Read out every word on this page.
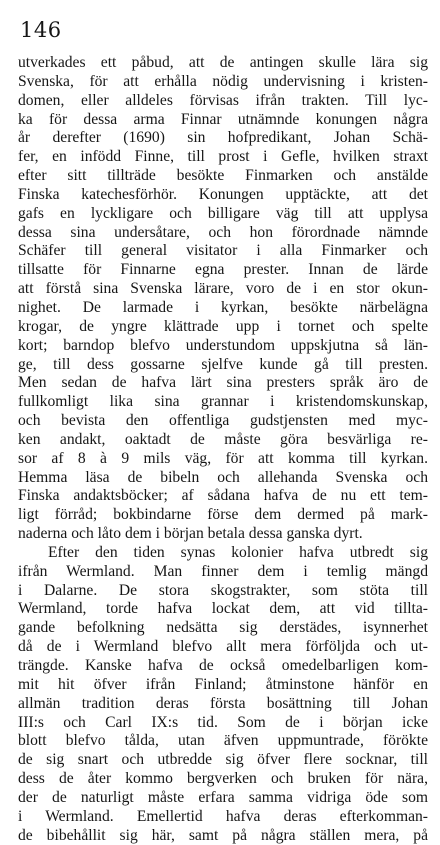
146
utverkades ett påbud, att de antingen skulle lära sig
Svenska, för att erhålla nödig undervisning i kristen-
domen, eller alldeles förvisas ifrån trakten. Till lyc-
ka för dessa arma Finnar utnämnde konungen några
år derefter (1690) sin hofpredikant, Johan Schä-
fer, en infödd Finne, till prost i Gefle, hvilken straxt
efter sitt tillträde besökte Finmarken och anstälde
Finska katechesförhör. Konungen upptäckte, att det
gafs en lyckligare och billigare väg till att upplysa
dessa sina undersåtare, och hon förordnade nämnde
Schäfer till general visitator i alla Finmarker och
tillsatte för Finnarne egna prester. Innan de lärde
att förstå sina Svenska lärare, voro de i en stor okun-
nighet. De larmade i kyrkan, besökte närbelägna
krogar, de yngre klättrade upp i tornet och spelte
kort; barndop blefvo understundom uppskjutna så län-
ge, till dess gossarne sjelfve kunde gå till presten.
Men sedan de hafva lärt sina presters språk äro de
fullkomligt lika sina grannar i kristendomskunskap,
och bevista den offentliga gudstjensten med myc-
ken andakt, oaktadt de måste göra besvärliga re-
sor af 8 à 9 mils väg, för att komma till kyrkan.
Hemma läsa de bibeln och allehanda Svenska och
Finska andaktsböcker; af sådana hafva de nu ett tem-
ligt förråd; bokbindarne förse dem dermed på mark-
naderna och låto dem i början betala dessa ganska dyrt.
Efter den tiden synas kolonier hafva utbredt sig
ifrån Wermland. Man finner dem i temlig mängd
i Dalarne. De stora skogstrakter, som stöta till
Wermland, torde hafva lockat dem, att vid tillta-
gande befolkning nedsätta sig derstädes, isynnerhet
då de i Wermland blefvo allt mera förföljda och ut-
trängde. Kanske hafva de också omedelbarligen kom-
mit hit öfver ifrån Finland; åtminstone hänför en
allmän tradition deras första bosättning till Johan
III:s och Carl IX:s tid. Som de i början icke
blott blefvo tålda, utan äfven uppmuntrade, förökte
de sig snart och utbredde sig öfver flere socknar, till
dess de åter kommo bergverken och bruken för nära,
der de naturligt måste erfara samma vidriga öde som
i Wermland. Emellertid hafva deras efterkomman-
de bibehållit sig här, samt på några ställen mera, på
